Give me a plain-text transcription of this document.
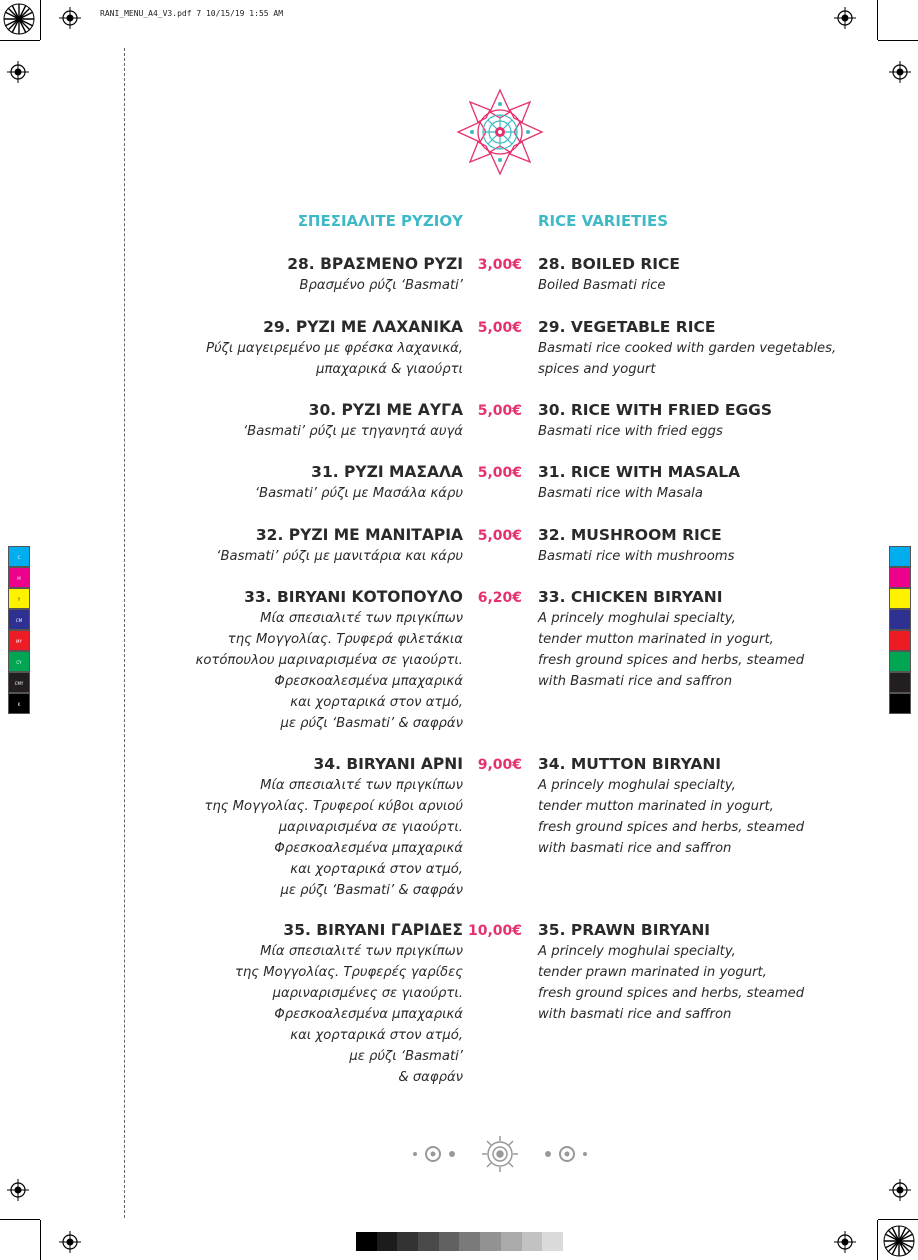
RANI_MENU_A4_V3.pdf 7 10/15/19 1:55 AM
C
M
Y
CM
MY
CY
CMY
K
ΣΠΕΣΙΑΛΙΤΕ ΡΥΖΙΟΥ	RICE VARIETIES
28. ΒΡΑΣΜΕΝΟ ΡΥΖΙ
Βρασμένο ρύζι ‘Basmati’
3,00€ 28. BOILED RICE
Boiled Basmati rice
29. ΡΥΖΙ ΜΕ ΛΑΧΑΝΙΚΑ
Ρύζι μαγειρεμένο με φρέσκα λαχανικά,
μπαχαρικά & γιαούρτι
5,00€ 29. VEGETABLE RICE
Basmati rice cooked with garden vegetables,
spices and yogurt
30. ΡΥΖΙ ΜΕ ΑΥΓΑ
‘Basmati’ ρύζι με τηγανητά αυγά
5,00€ 30. RICE WITH FRIED EGGS
Basmati rice with fried eggs
31. ΡΥΖΙ ΜΑΣΑΛΑ
‘Basmati’ ρύζι με Μασάλα κάρυ
5,00€ 31. RICE WITH MASALA
Basmati rice with Masala
32. ΡΥΖΙ ΜΕ ΜΑΝΙΤΑΡΙΑ
‘Basmati’ ρύζι με μανιτάρια και κάρυ
5,00€ 32. MUSHROOM RICE
Basmati rice with mushrooms
33. BIRYANI ΚΟΤΟΠΟΥΛΟ
Μία σπεσιαλιτέ των πριγκίπων
της Μογγολίας. Τρυφερά φιλετάκια
κοτόπουλου μαριναρισμένα σε γιαούρτι.
Φρεσκοαλεσμένα μπαχαρικά
και χορταρικά στον ατμό,
με ρύζι ‘Basmati’ & σαφράν
6,20€ 33. CHICKEN BIRYANI
A princely moghulai specialty,
tender mutton marinated in yogurt,
fresh ground spices and herbs, steamed
with Basmati rice and saffron
34. BIRYANI ΑΡΝΙ
Μία σπεσιαλιτέ των πριγκίπων
της Μογγολίας. Τρυφεροί κύβοι αρνιού
μαριναρισμένα σε γιαούρτι.
Φρεσκοαλεσμένα μπαχαρικά
και χορταρικά στον ατμό,
με ρύζι ‘Basmati’ & σαφράν
9,00€ 34. MUTTON BIRYANI
A princely moghulai specialty,
tender mutton marinated in yogurt,
fresh ground spices and herbs, steamed
with basmati rice and saffron
35. BIRYANI ΓΑΡΙΔΕΣ
Μία σπεσιαλιτέ των πριγκίπων
της Μογγολίας. Τρυφερές γαρίδες
μαριναρισμένες σε γιαούρτι.
Φρεσκοαλεσμένα μπαχαρικά
και χορταρικά στον ατμό,
με ρύζι ‘Basmati’
& σαφράν
10,00€ 35. PRAWN BIRYANI
A princely moghulai specialty,
tender prawn marinated in yogurt,
fresh ground spices and herbs, steamed
with basmati rice and saffron
